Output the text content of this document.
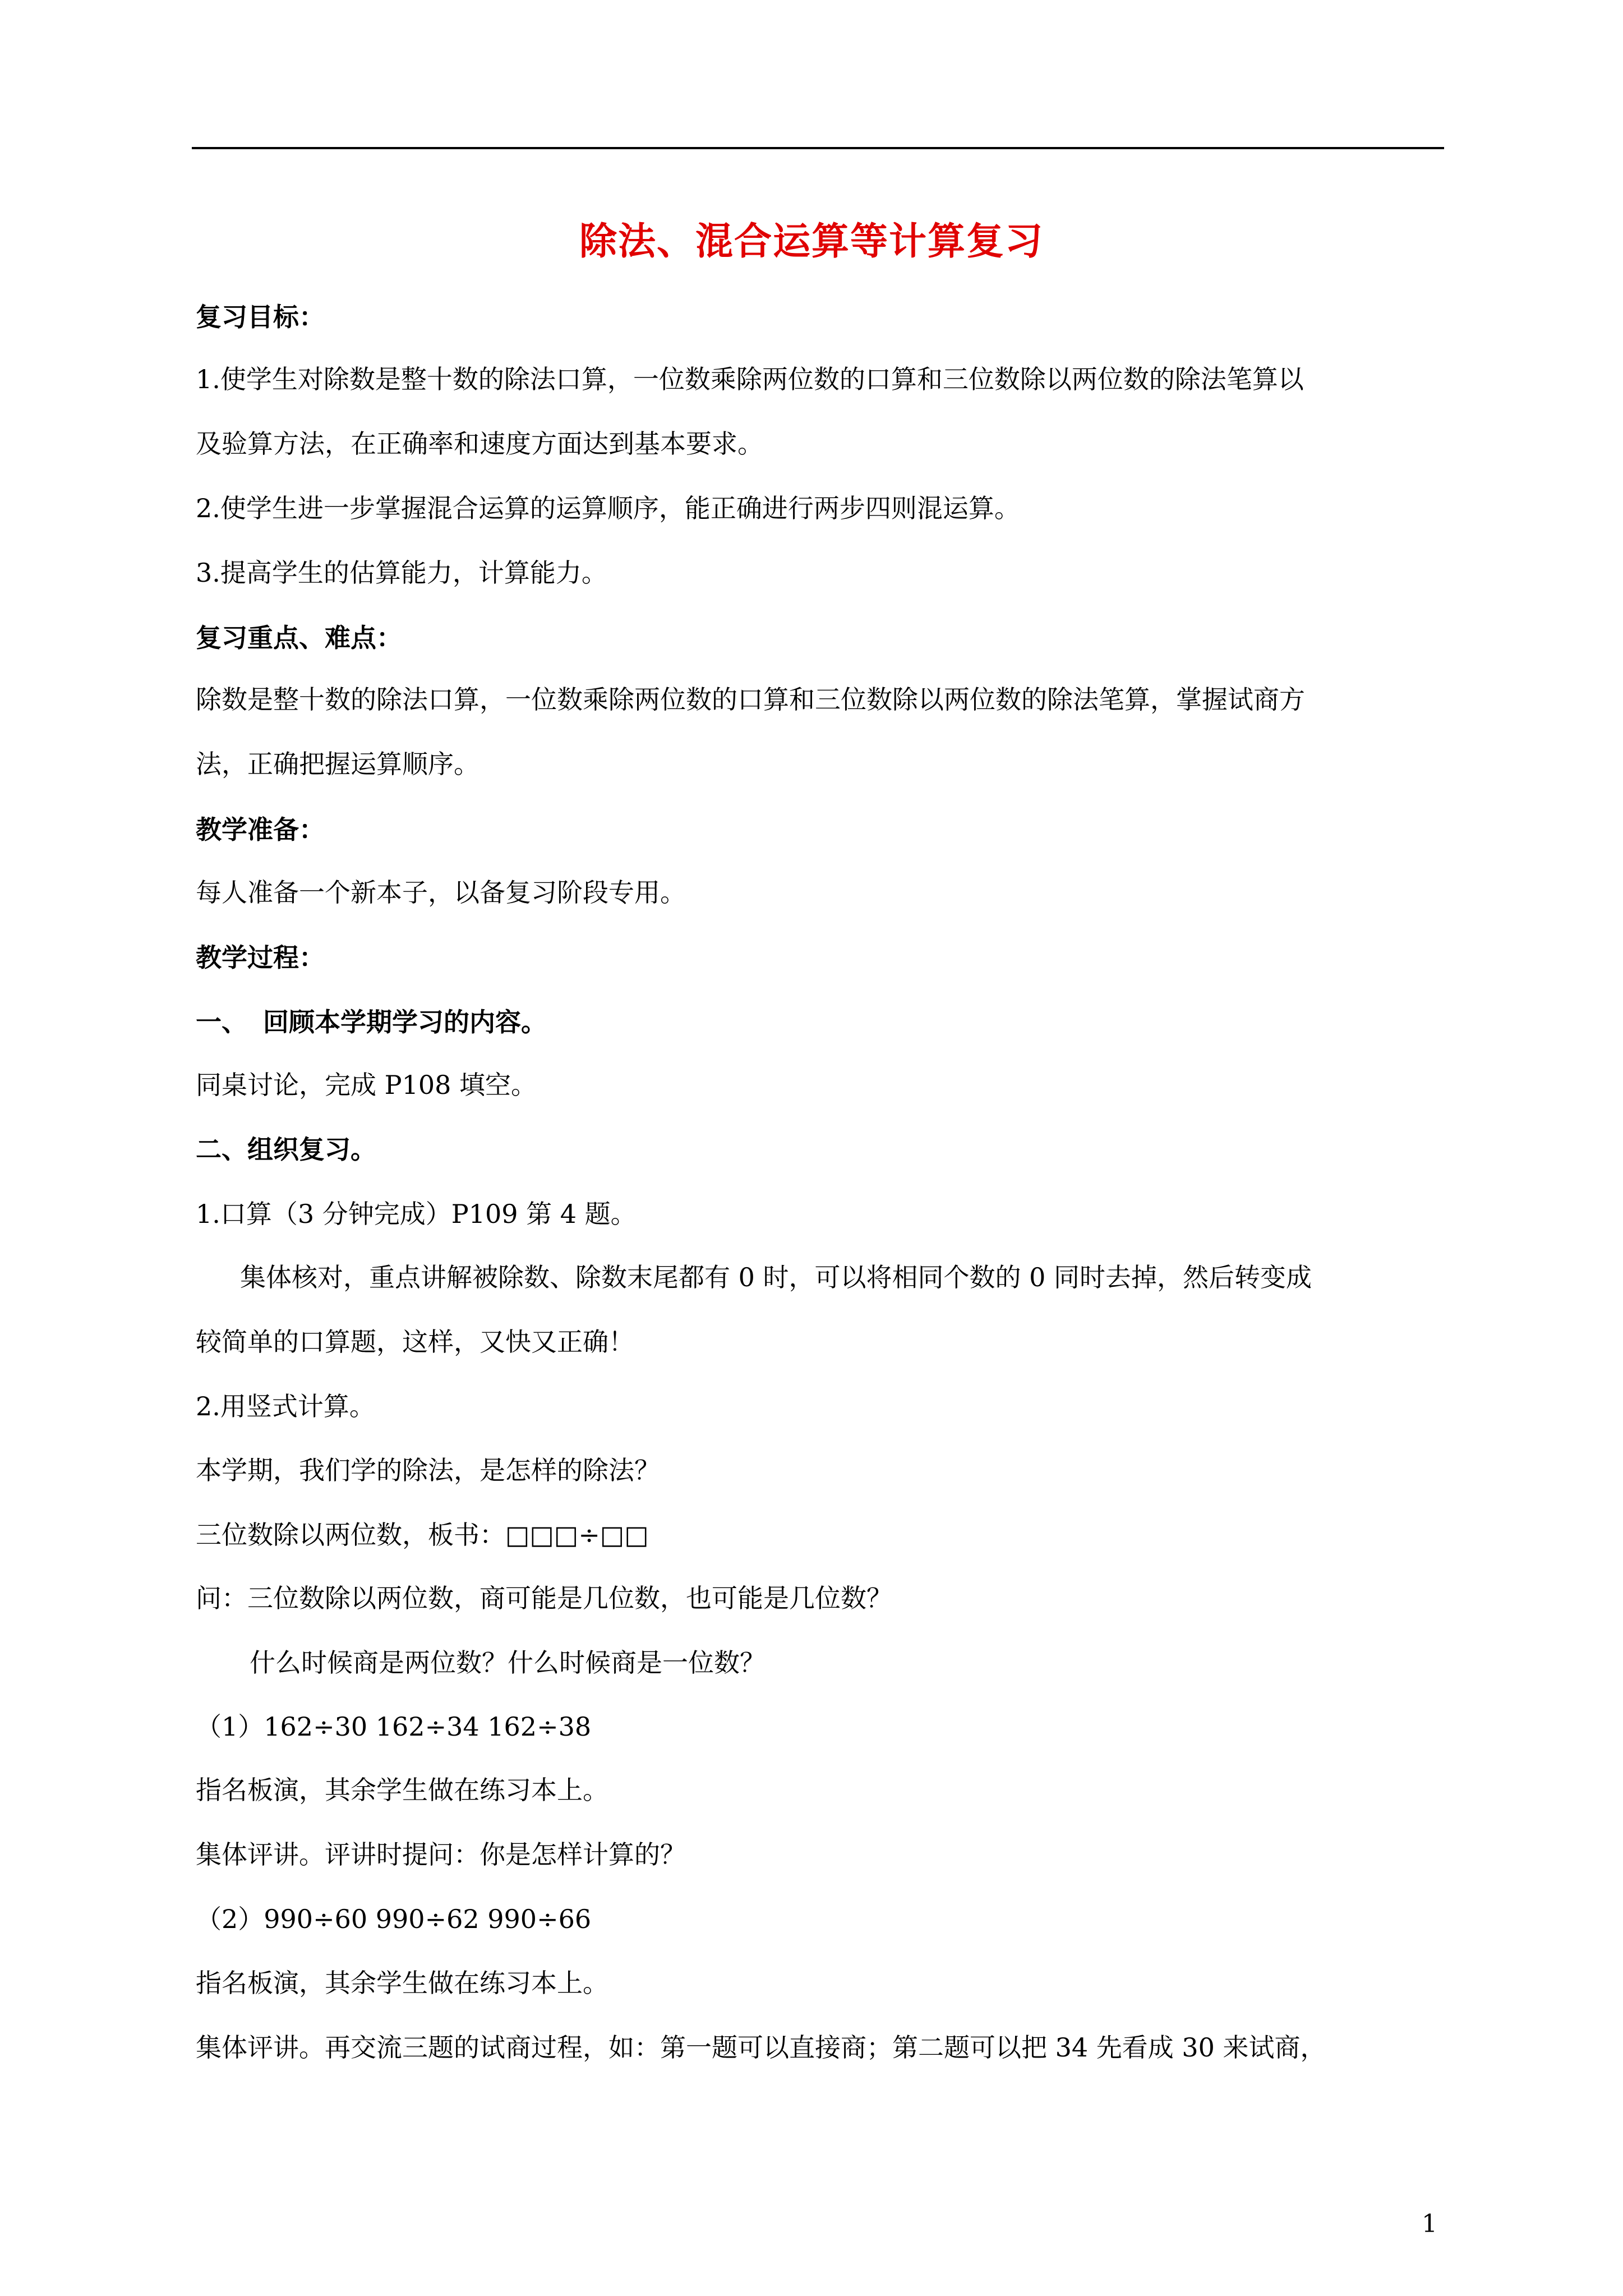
除法、混合运算等计算复习
复习目标：
1.使学生对除数是整十数的除法口算，一位数乘除两位数的口算和三位数除以两位数的除法笔算以
及验算方法，在正确率和速度方面达到基本要求。
2.使学生进一步掌握混合运算的运算顺序，能正确进行两步四则混运算。
3.提高学生的估算能力，计算能力。
复习重点、难点：
除数是整十数的除法口算，一位数乘除两位数的口算和三位数除以两位数的除法笔算，掌握试商方
法，正确把握运算顺序。
教学准备：
每人准备一个新本子，以备复习阶段专用。
教学过程：
一、 回顾本学期学习的内容。
同桌讨论，完成 P108 填空。
二、组织复习。
1.口算（3 分钟完成）P109 第 4 题。
集体核对，重点讲解被除数、除数末尾都有 0 时，可以将相同个数的 0 同时去掉，然后转变成
较简单的口算题，这样，又快又正确！
2.用竖式计算。
本学期，我们学的除法，是怎样的除法？
三位数除以两位数，板书：□□□÷□□
问：三位数除以两位数，商可能是几位数，也可能是几位数？
什么时候商是两位数？什么时候商是一位数？
（1）162÷30 162÷34 162÷38
指名板演，其余学生做在练习本上。
集体评讲。评讲时提问：你是怎样计算的？
（2）990÷60 990÷62 990÷66
指名板演，其余学生做在练习本上。
集体评讲。再交流三题的试商过程，如：第一题可以直接商；第二题可以把 34 先看成 30 来试商，
1
